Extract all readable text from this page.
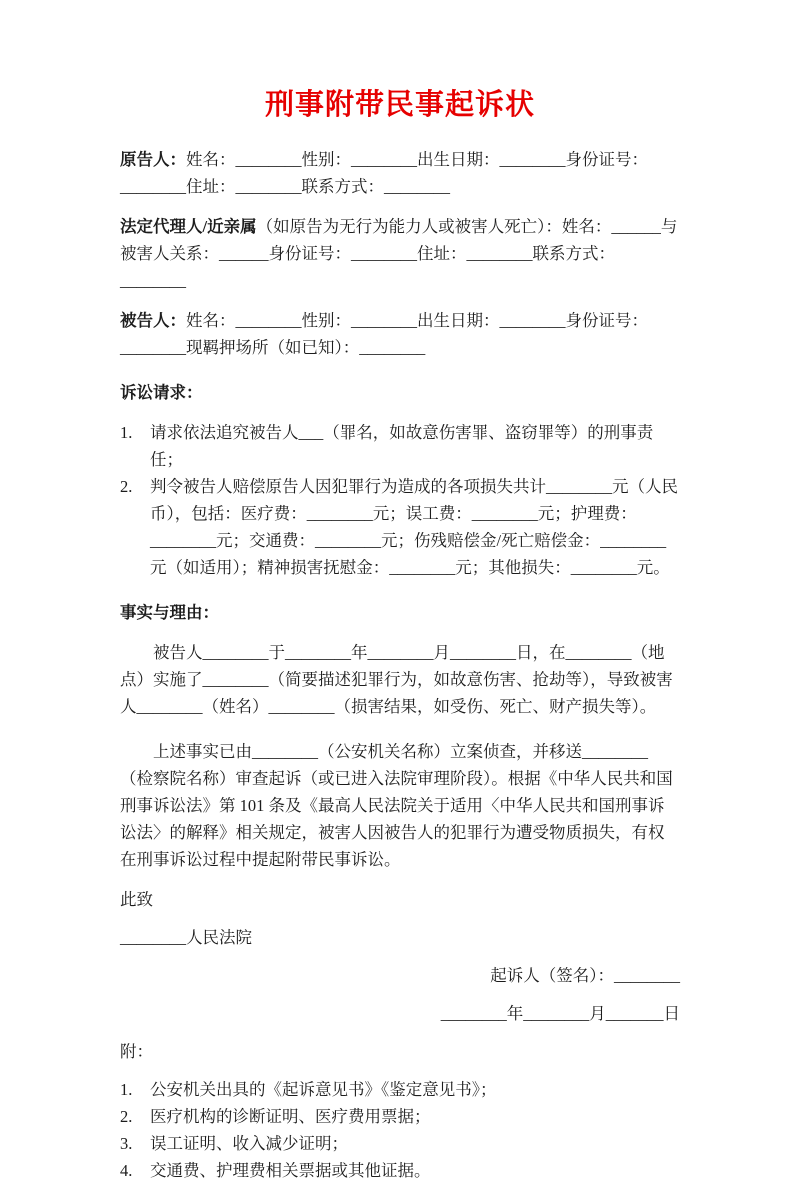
刑事附带民事起诉状

原告人：姓名：________性别：________出生日期：________身份证号：________住址：________联系方式：________

法定代理人/近亲属（如原告为无行为能力人或被害人死亡）：姓名：______与被害人关系：______身份证号：________住址：________联系方式：________

被告人：姓名：________性别：________出生日期：________身份证号：________现羁押场所（如已知）：________

诉讼请求：

1.	请求依法追究被告人___（罪名，如故意伤害罪、盗窃罪等）的刑事责任；
2.	判令被告人赔偿原告人因犯罪行为造成的各项损失共计________元（人民币），包括：医疗费：________元；误工费：________元；护理费：________元；交通费：________元；伤残赔偿金/死亡赔偿金：________元（如适用）；精神损害抚慰金：________元；其他损失：________元。

事实与理由：

被告人________于________年________月________日，在________（地点）实施了________（简要描述犯罪行为，如故意伤害、抢劫等），导致被害人________（姓名）________（损害结果，如受伤、死亡、财产损失等）。

上述事实已由________（公安机关名称）立案侦查，并移送________（检察院名称）审查起诉（或已进入法院审理阶段）。根据《中华人民共和国刑事诉讼法》第 101 条及《最高人民法院关于适用〈中华人民共和国刑事诉讼法〉的解释》相关规定，被害人因被告人的犯罪行为遭受物质损失，有权在刑事诉讼过程中提起附带民事诉讼。

此致

________人民法院

起诉人（签名）：________

________年________月_______日

附：

1.	公安机关出具的《起诉意见书》《鉴定意见书》；
2.	医疗机构的诊断证明、医疗费用票据；
3.	误工证明、收入减少证明；
4.	交通费、护理费相关票据或其他证据。
